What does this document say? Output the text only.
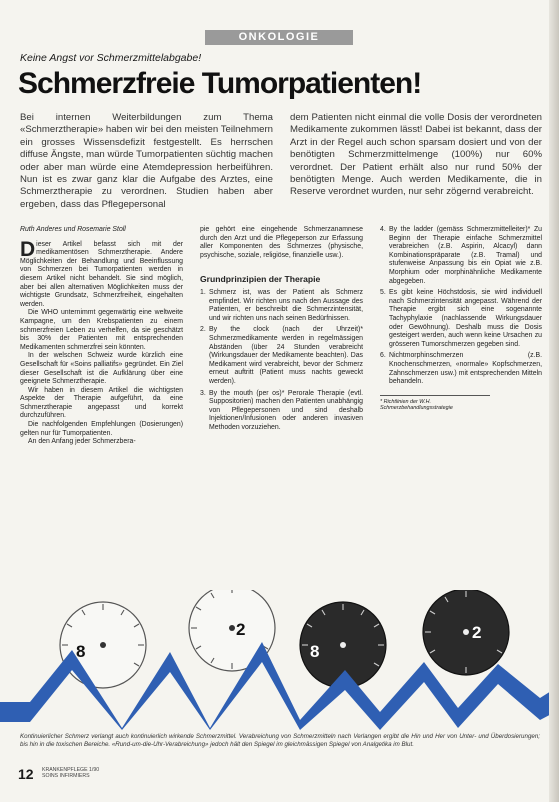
ONKOLOGIE
Keine Angst vor Schmerzmittelabgabe!
Schmerzfreie Tumorpatienten!

Bei internen Weiterbildungen zum Thema «Schmerztherapie» haben wir bei den meisten Teilnehmern ein grosses Wissensdefizit festgestellt. Es herrschen diffuse Ängste, man würde Tumorpatienten süchtig machen oder aber man würde eine Atemdepression herbeiführen. Nun ist es zwar ganz klar die Aufgabe des Arztes, eine Schmerztherapie zu verordnen. Studien haben aber ergeben, dass das Pflegepersonal

dem Patienten nicht einmal die volle Dosis der verordneten Medikamente zukommen lässt! Dabei ist bekannt, dass der Arzt in der Regel auch schon sparsam dosiert und von der benötigten Schmerzmittelmenge (100%) nur 60% verordnet. Der Patient erhält also nur rund 50% der benötigten Menge. Auch werden Medikamente, die in Reserve verordnet wurden, nur sehr zögernd verabreicht.

Ruth Anderes und Rosemarie Stoll

Dieser Artikel befasst sich mit der medikamentösen Schmerztherapie. Andere Möglichkeiten der Behandlung und Beeinflussung von Schmerzen bei Tumorpatienten werden in diesem Artikel nicht behandelt. Sie sind möglich, aber bei allen alternativen Möglichkeiten muss der wichtigste Grundsatz, Schmerzfreiheit, eingehalten werden.

Die WHO unternimmt gegenwärtig eine weltweite Kampagne, um den Krebspatienten zu einem schmerzfreien Leben zu verhelfen, da sie geschätzt bis 30% der Patienten mit entsprechenden Medikamenten schmerzfrei sein könnten.

In der welschen Schweiz wurde kürzlich eine Gesellschaft für «Soins palliatifs» gegründet. Ein Ziel dieser Gesellschaft ist die Aufklärung über eine geeignete Schmerztherapie.

Wir haben in diesem Artikel die wichtigsten Aspekte der Therapie aufgeführt, da eine Schmerztherapie angepasst und korrekt durchzuführen.

Die nachfolgenden Empfehlungen (Dosierungen) gelten nur für Tumorpatienten.

An den Anfang jeder Schmerzbera-

pie gehört eine eingehende Schmerzanamnese durch den Arzt und die Pflegeperson zur Erfassung aller Komponenten des Schmerzes (physische, psychische, soziale, religiöse, finanzielle usw.).

Grundprinzipien der Therapie

1. Schmerz ist, was der Patient als Schmerz empfindet. Wir richten uns nach den Aussage des Patienten, er beschreibt die Schmerzintensität, und wir richten uns nach seinen Bedürfnissen.
2. By the clock (nach der Uhrzeit)* Schmerzmedikamente werden in regelmässigen Abständen (über 24 Stunden verabreicht (Wirkungsdauer der Medikamente beachten). Das Medikament wird verabreicht, bevor der Schmerz erneut auftritt (Patient muss nachts geweckt werden).
3. By the mouth (per os)* Perorale Therapie (evtl. Suppositorien) machen den Patienten unabhängig von Pflegepersonen und sind deshalb Injektionen/Infusionen oder anderen invasiven Methoden vorzuziehen.
4. By the ladder (gemäss Schmerzmittelleiter)* Zu Beginn der Therapie einfache Schmerzmittel verabreichen (z.B. Aspirin, Alcacyl) dann Kombinationspräparate (z.B. Tramal) und stufenweise Anpassung bis ein Opiat wie z.B. Morphium oder morphinähnliche Medikamente abgegeben.
5. Es gibt keine Höchstdosis, sie wird individuell nach Schmerzintensität angepasst. Während der Therapie ergibt sich eine sogenannte Tachyphylaxie (nachlassende Wirkungsdauer oder Gewöhnung). Deshalb muss die Dosis gesteigert werden, auch wenn keine Ursachen zu grösseren Tumorschmerzen gegeben sind.
6. Nichtmorphinschmerzen (z.B. Knochenschmerzen, «normale» Kopfschmerzen, Zahnschmerzen usw.) mit entsprechenden Mitteln behandeln.

* Richtlinien der W.H. Schmerzbehandlungsstrategie

8
2
8
2

Kontinuierlicher Schmerz verlangt auch kontinuierlich wirkende Schmerzmittel. Verabreichung von Schmerzmitteln nach Verlangen ergibt die Hin und Her von Unter- und Überdosierungen; bis hin in die toxischen Bereiche. «Rund-um-die-Uhr-Verabreichung» jedoch hält den Spiegel im gleichmässigen Spiegel von Analgetika im Blut.

12 KRANKENPFLEGE 1/90 SOINS INFIRMIERS
